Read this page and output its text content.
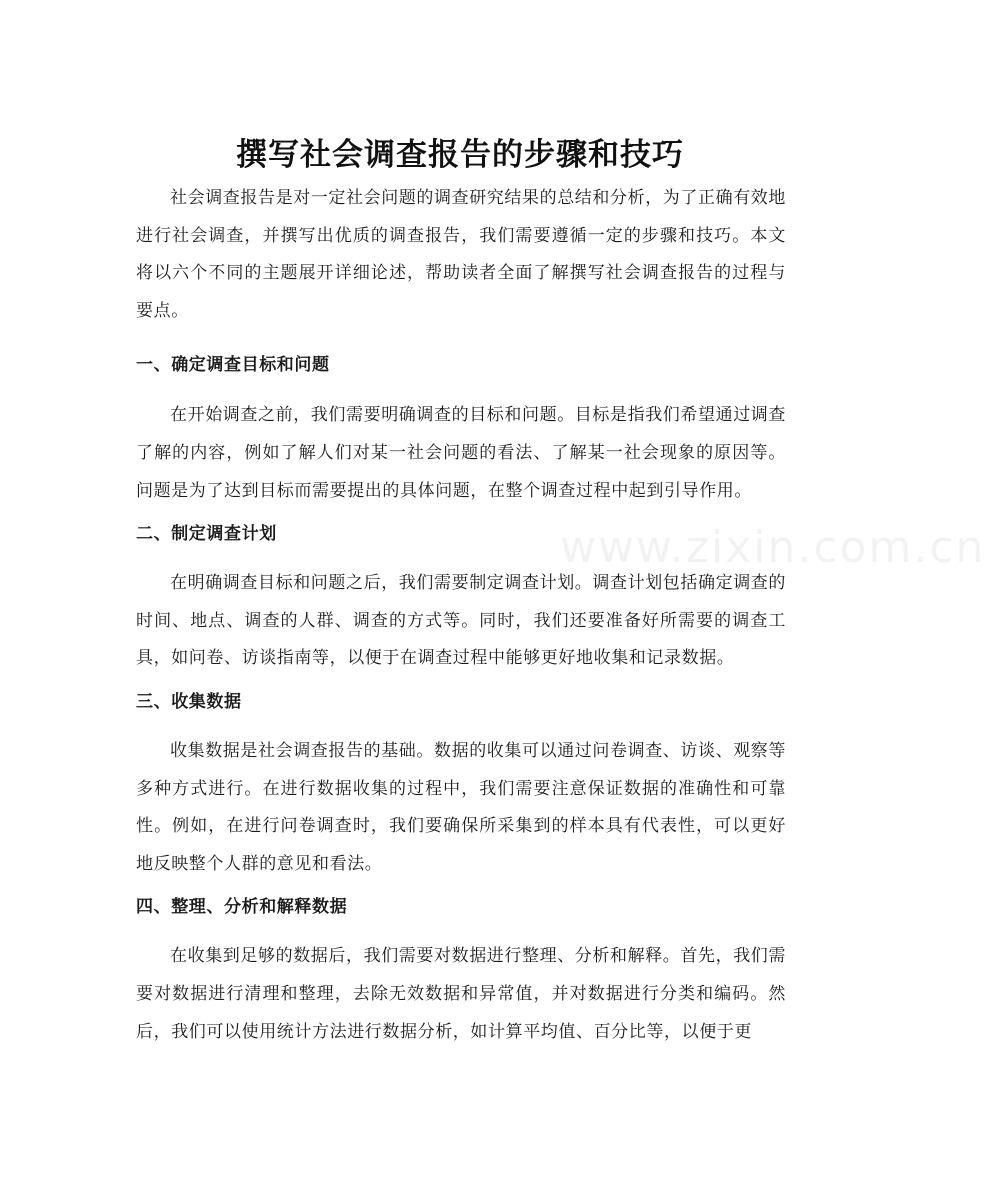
www.zixin.com.cn
撰写社会调查报告的步骤和技巧

社会调查报告是对一定社会问题的调查研究结果的总结和分析，为了正确有效地进行社会调查，并撰写出优质的调查报告，我们需要遵循一定的步骤和技巧。本文将以六个不同的主题展开详细论述，帮助读者全面了解撰写社会调查报告的过程与要点。

一、确定调查目标和问题

在开始调查之前，我们需要明确调查的目标和问题。目标是指我们希望通过调查了解的内容，例如了解人们对某一社会问题的看法、了解某一社会现象的原因等。问题是为了达到目标而需要提出的具体问题，在整个调查过程中起到引导作用。

二、制定调查计划

在明确调查目标和问题之后，我们需要制定调查计划。调查计划包括确定调查的时间、地点、调查的人群、调查的方式等。同时，我们还要准备好所需要的调查工具，如问卷、访谈指南等，以便于在调查过程中能够更好地收集和记录数据。

三、收集数据

收集数据是社会调查报告的基础。数据的收集可以通过问卷调查、访谈、观察等多种方式进行。在进行数据收集的过程中，我们需要注意保证数据的准确性和可靠性。例如，在进行问卷调查时，我们要确保所采集到的样本具有代表性，可以更好地反映整个人群的意见和看法。

四、整理、分析和解释数据

在收集到足够的数据后，我们需要对数据进行整理、分析和解释。首先，我们需要对数据进行清理和整理，去除无效数据和异常值，并对数据进行分类和编码。然后，我们可以使用统计方法进行数据分析，如计算平均值、百分比等，以便于更
